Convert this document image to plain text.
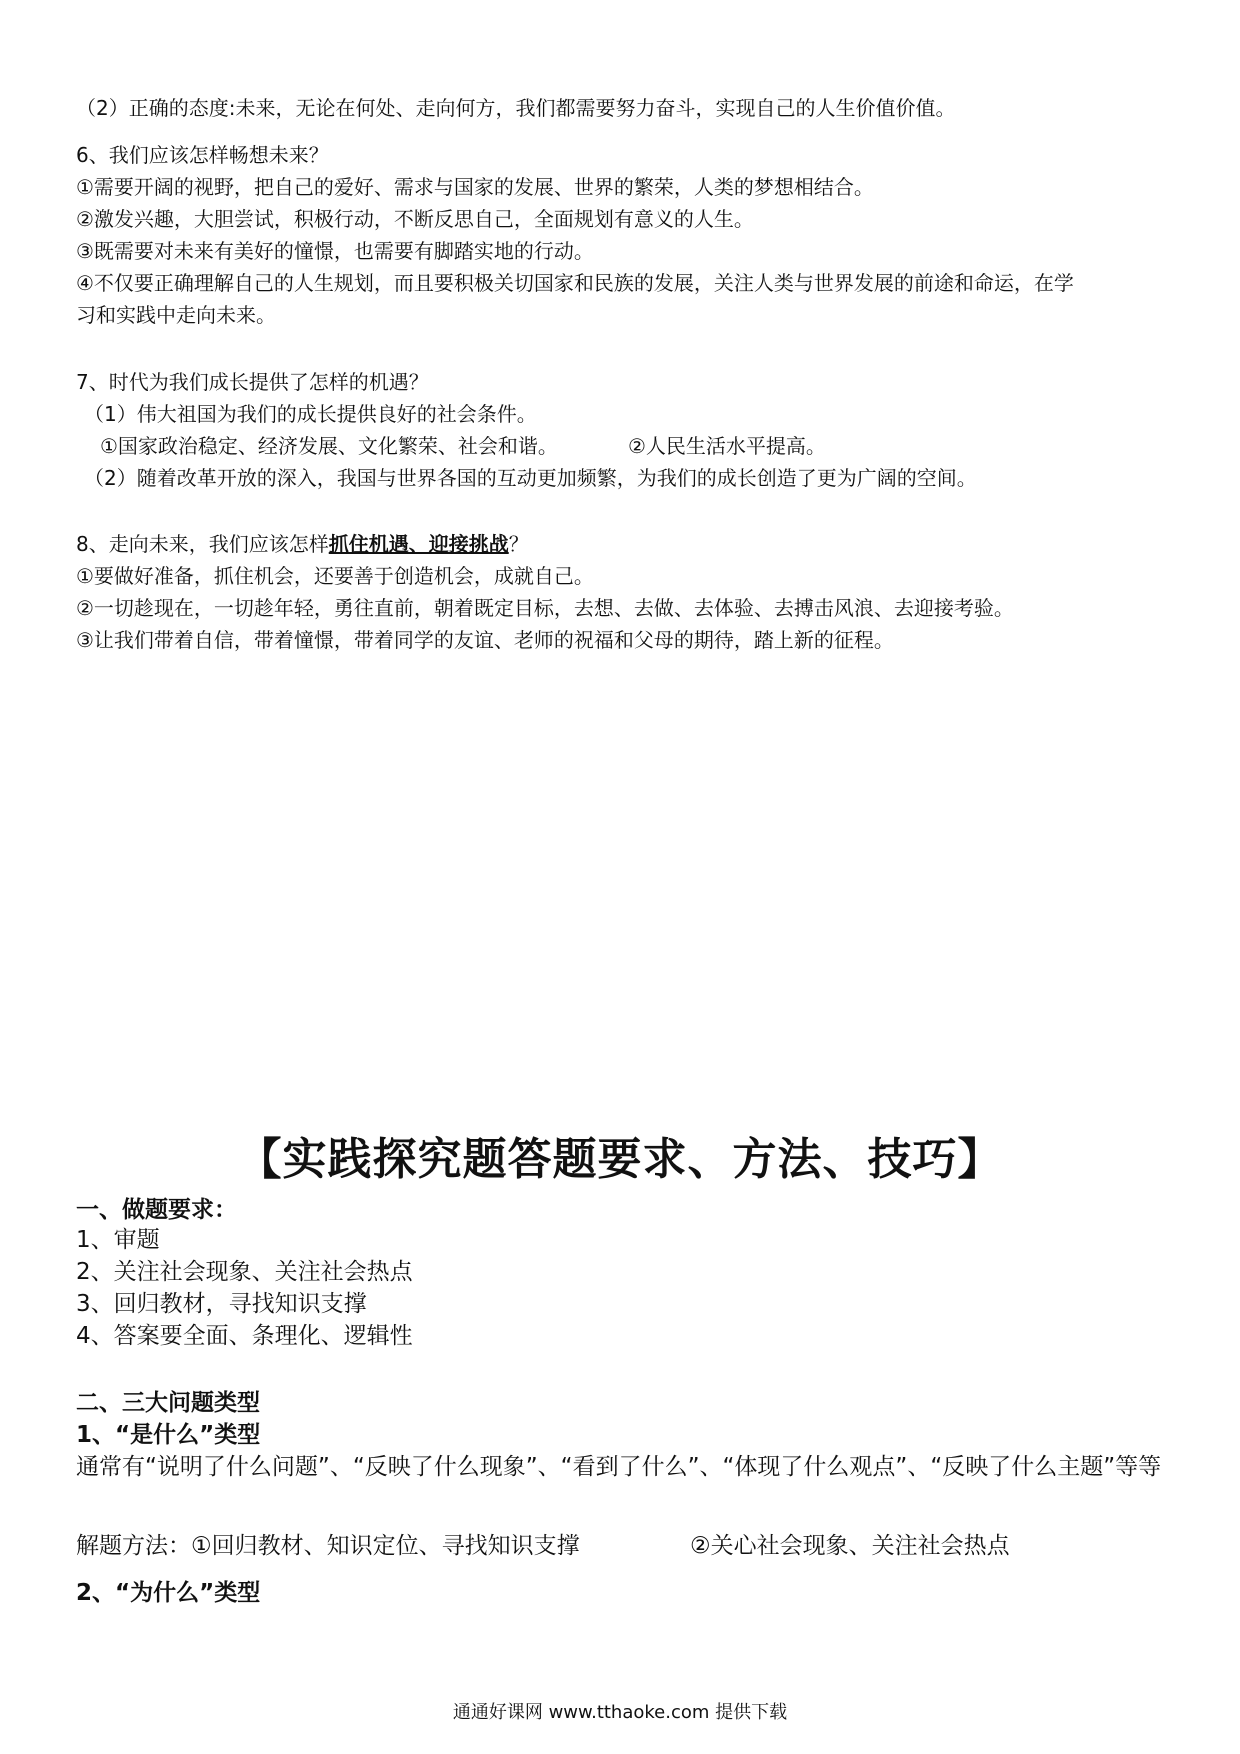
（2）正确的态度:未来，无论在何处、走向何方，我们都需要努力奋斗，实现自己的人生价值价值。
6、我们应该怎样畅想未来？
①需要开阔的视野，把自己的爱好、需求与国家的发展、世界的繁荣，人类的梦想相结合。
②激发兴趣，大胆尝试，积极行动，不断反思自己，全面规划有意义的人生。
③既需要对未来有美好的憧憬，也需要有脚踏实地的行动。
④不仅要正确理解自己的人生规划，而且要积极关切国家和民族的发展，关注人类与世界发展的前途和命运，在学
习和实践中走向未来。
7、时代为我们成长提供了怎样的机遇？
（1）伟大祖国为我们的成长提供良好的社会条件。
①国家政治稳定、经济发展、文化繁荣、社会和谐。	②人民生活水平提高。
（2）随着改革开放的深入，我国与世界各国的互动更加频繁，为我们的成长创造了更为广阔的空间。
8、走向未来，我们应该怎样抓住机遇、迎接挑战？
①要做好准备，抓住机会，还要善于创造机会，成就自己。
②一切趁现在，一切趁年轻，勇往直前，朝着既定目标，去想、去做、去体验、去搏击风浪、去迎接考验。
③让我们带着自信，带着憧憬，带着同学的友谊、老师的祝福和父母的期待，踏上新的征程。
【实践探究题答题要求、方法、技巧】
一、做题要求：
1、审题
2、关注社会现象、关注社会热点
3、回归教材，寻找知识支撑
4、答案要全面、条理化、逻辑性
二、三大问题类型
1、“是什么”类型
通常有“说明了什么问题”、“反映了什么现象”、“看到了什么”、“体现了什么观点”、“反映了什么主题”等等
解题方法： ①回归教材、知识定位、寻找知识支撑	②关心社会现象、关注社会热点
2、“为什么”类型
通通好课网 www.tthaoke.com 提供下载
